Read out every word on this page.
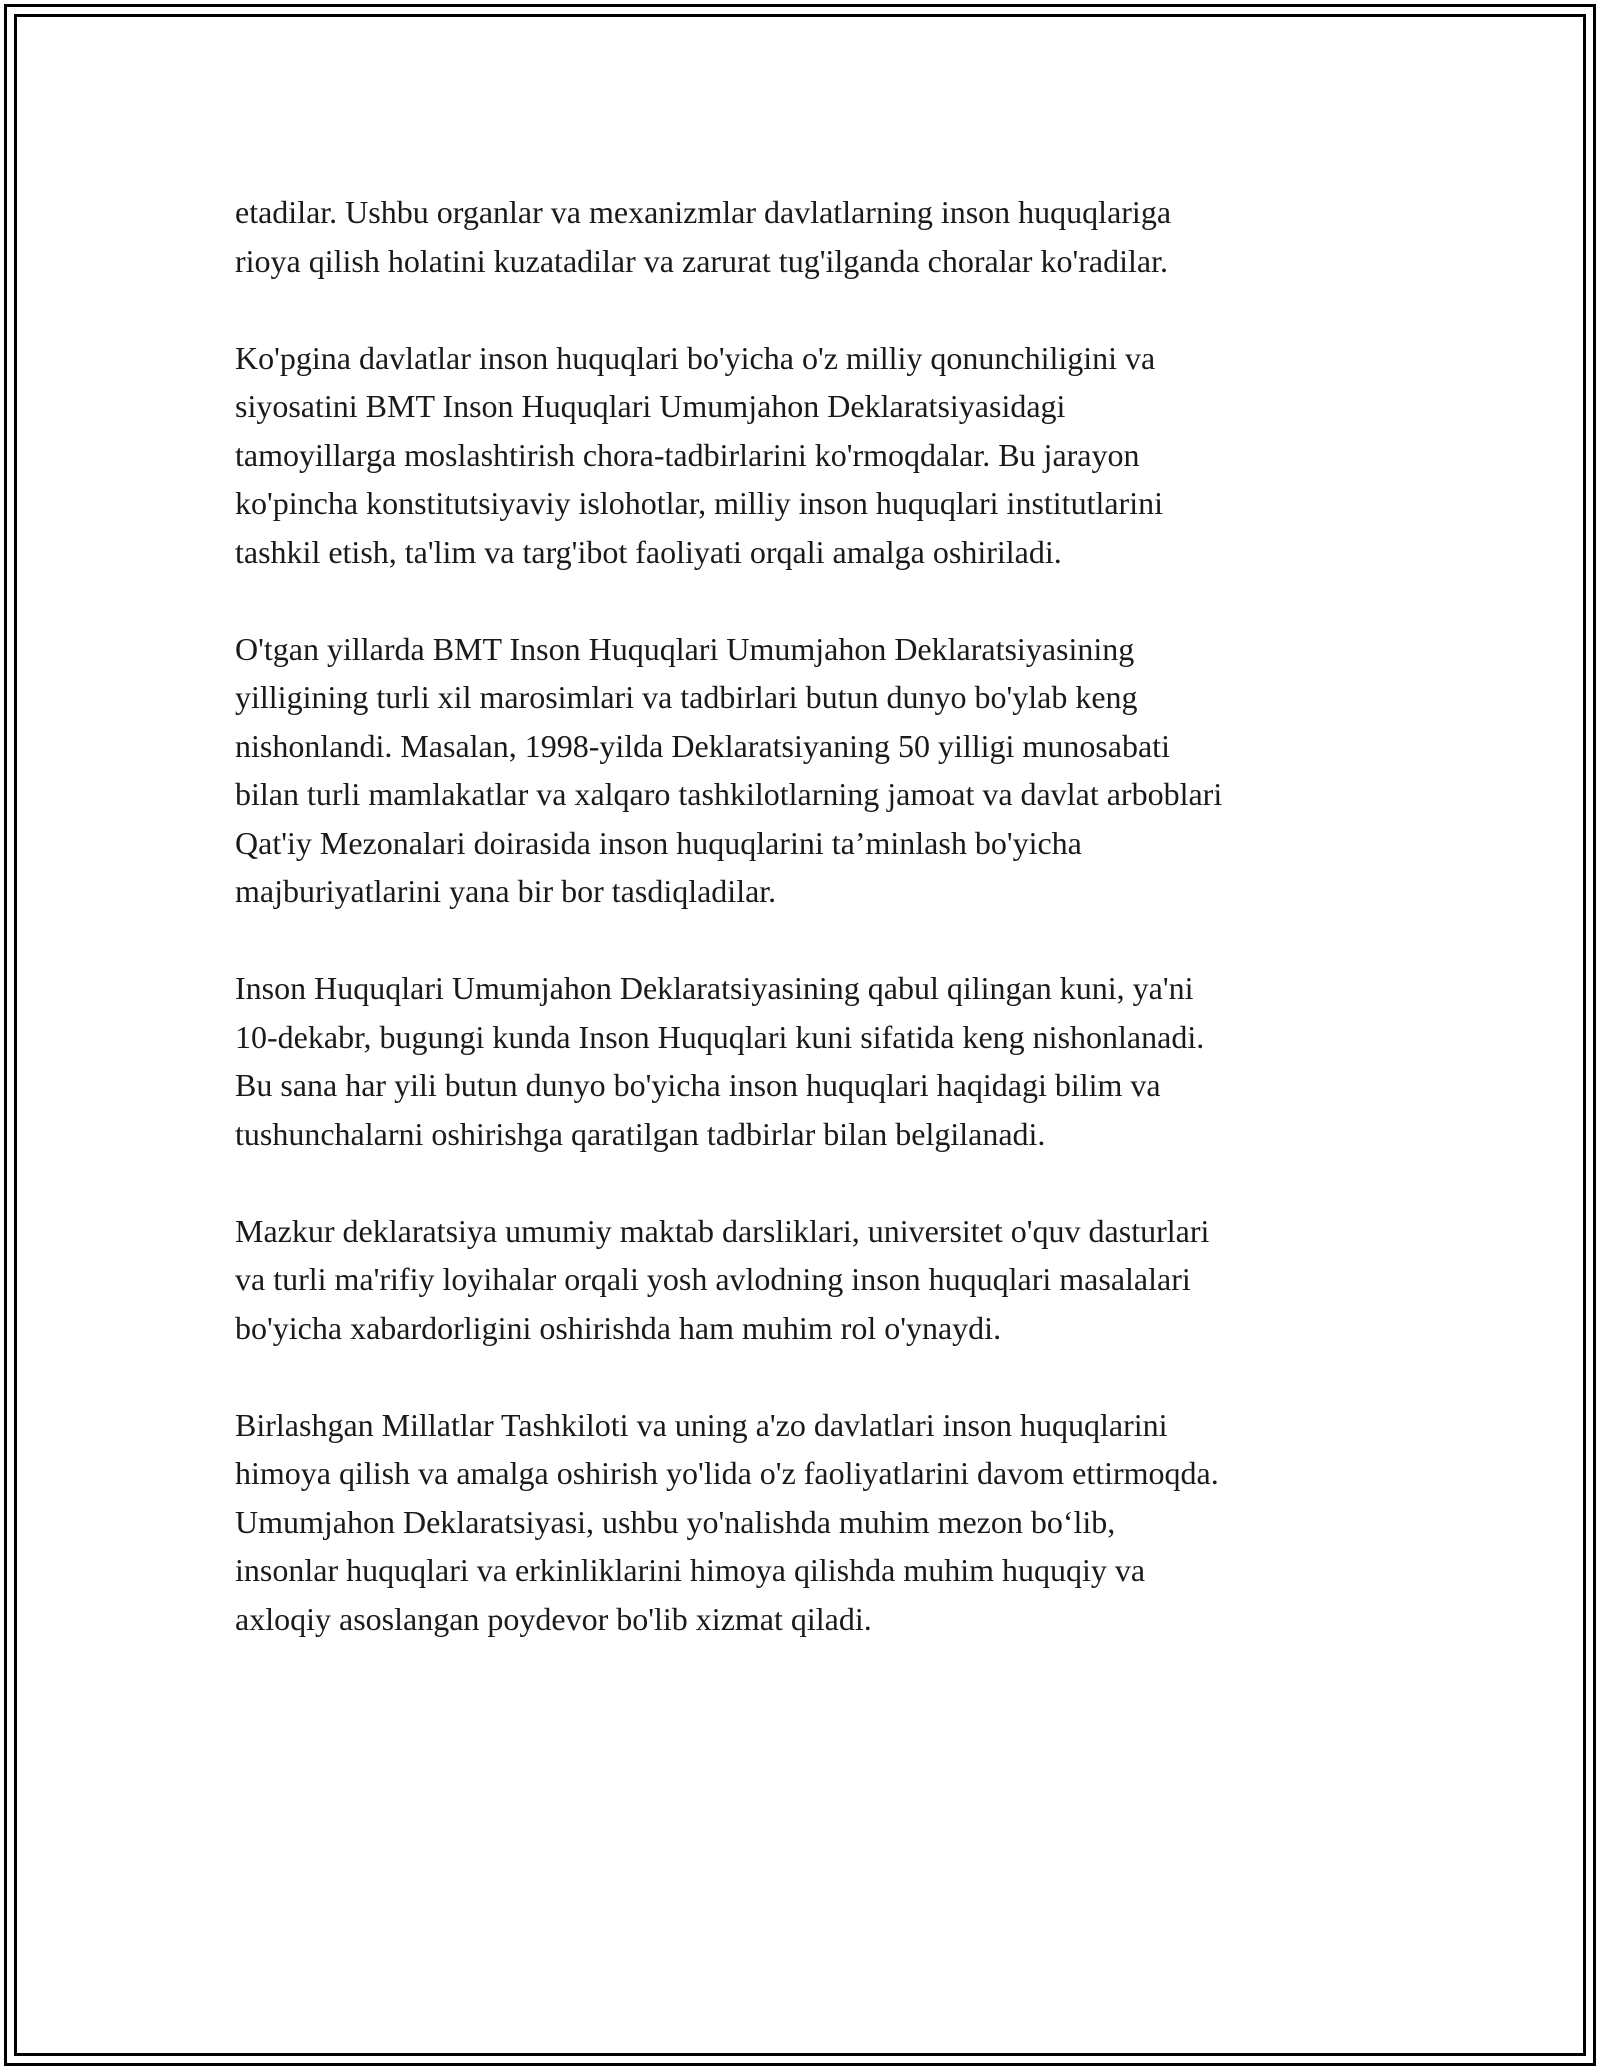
etadilar. Ushbu organlar va mexanizmlar davlatlarning inson huquqlariga
rioya qilish holatini kuzatadilar va zarurat tug'ilganda choralar ko'radilar.

Ko'pgina davlatlar inson huquqlari bo'yicha o'z milliy qonunchiligini va
siyosatini BMT Inson Huquqlari Umumjahon Deklaratsiyasidagi
tamoyillarga moslashtirish chora-tadbirlarini ko'rmoqdalar. Bu jarayon
ko'pincha konstitutsiyaviy islohotlar, milliy inson huquqlari institutlarini
tashkil etish, ta'lim va targ'ibot faoliyati orqali amalga oshiriladi.

O'tgan yillarda BMT Inson Huquqlari Umumjahon Deklaratsiyasining
yilligining turli xil marosimlari va tadbirlari butun dunyo bo'ylab keng
nishonlandi. Masalan, 1998-yilda Deklaratsiyaning 50 yilligi munosabati
bilan turli mamlakatlar va xalqaro tashkilotlarning jamoat va davlat arboblari
Qat'iy Mezonalari doirasida inson huquqlarini ta’minlash bo'yicha
majburiyatlarini yana bir bor tasdiqladilar.

Inson Huquqlari Umumjahon Deklaratsiyasining qabul qilingan kuni, ya'ni
10-dekabr, bugungi kunda Inson Huquqlari kuni sifatida keng nishonlanadi.
Bu sana har yili butun dunyo bo'yicha inson huquqlari haqidagi bilim va
tushunchalarni oshirishga qaratilgan tadbirlar bilan belgilanadi.

Mazkur deklaratsiya umumiy maktab darsliklari, universitet o'quv dasturlari
va turli ma'rifiy loyihalar orqali yosh avlodning inson huquqlari masalalari
bo'yicha xabardorligini oshirishda ham muhim rol o'ynaydi.

Birlashgan Millatlar Tashkiloti va uning a'zo davlatlari inson huquqlarini
himoya qilish va amalga oshirish yo'lida o'z faoliyatlarini davom ettirmoqda.
Umumjahon Deklaratsiyasi, ushbu yo'nalishda muhim mezon bo‘lib,
insonlar huquqlari va erkinliklarini himoya qilishda muhim huquqiy va
axloqiy asoslangan poydevor bo'lib xizmat qiladi.
